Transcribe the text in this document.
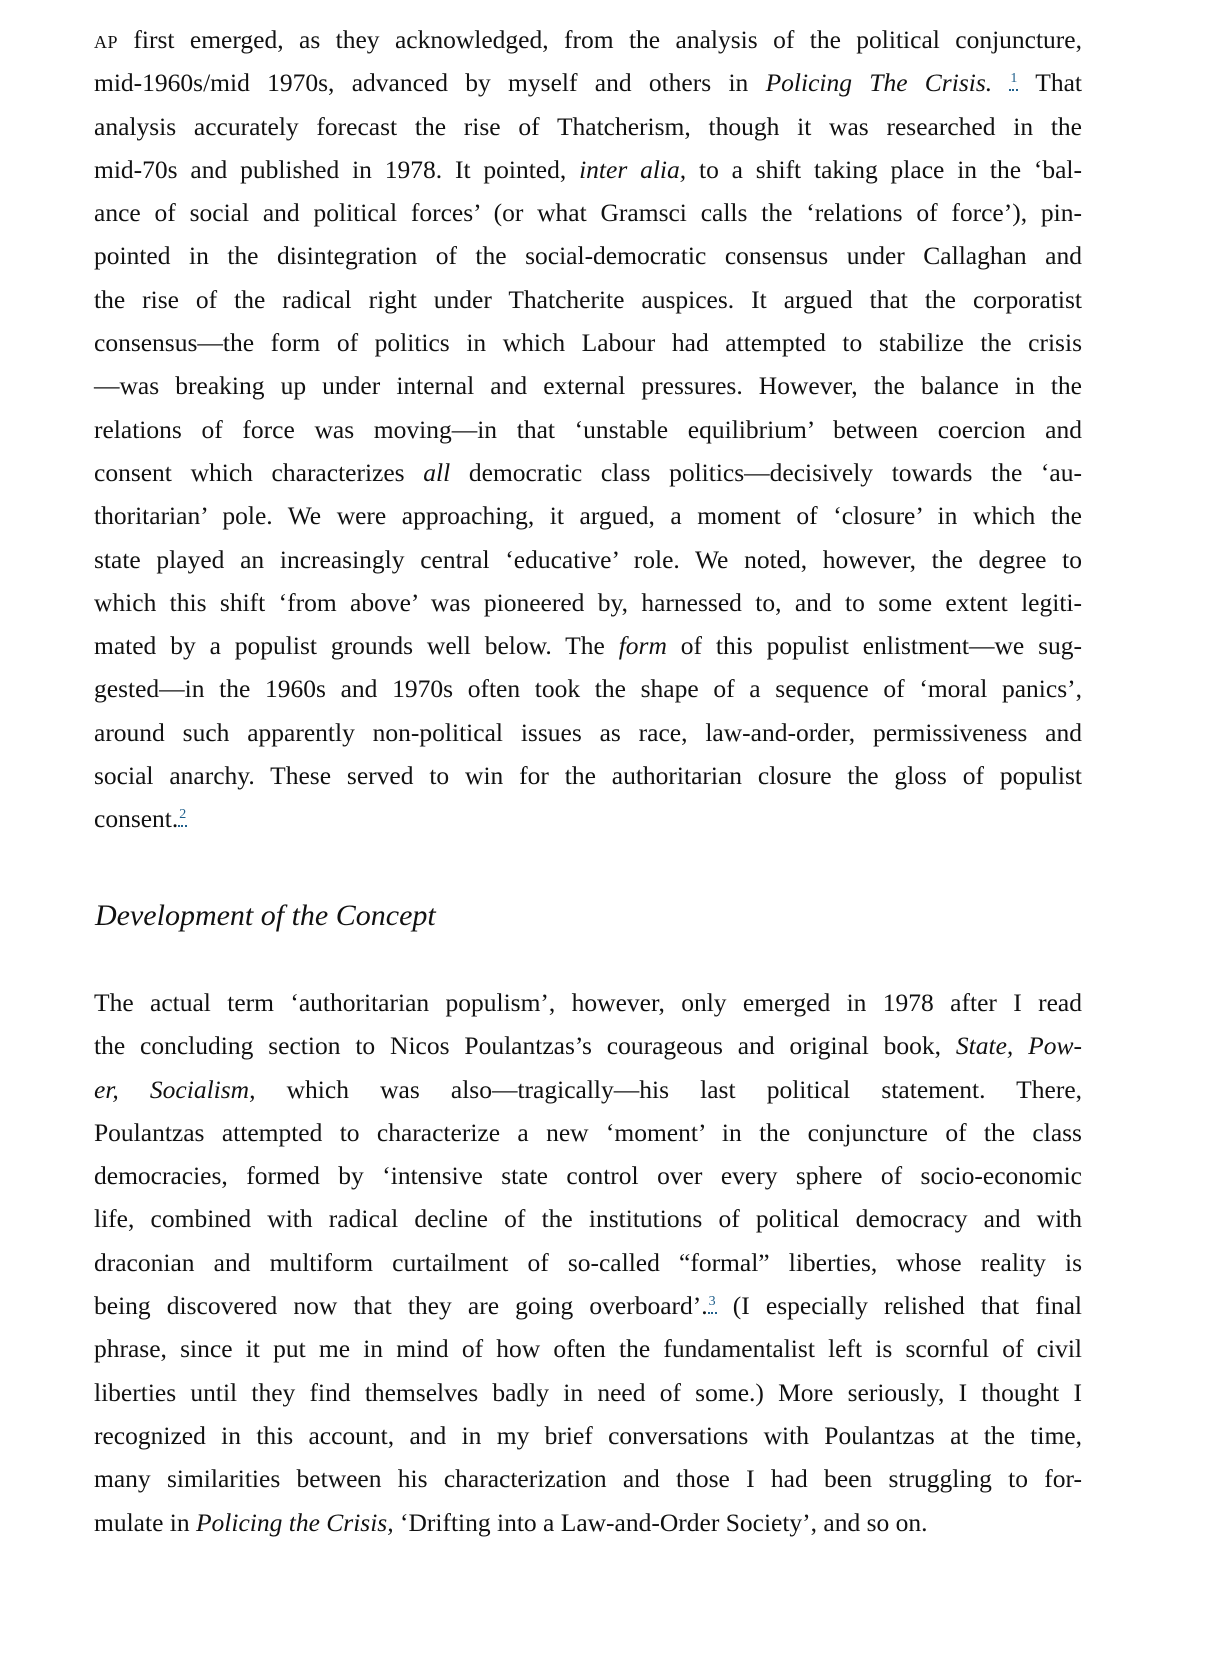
ap first emerged, as they acknowledged, from the analysis of the political conjuncture,
mid-1960s/mid 1970s, advanced by myself and others in Policing The Crisis. $^1$ That
analysis accurately forecast the rise of Thatcherism, though it was researched in the
mid-70s and published in 1978. It pointed, inter alia, to a shift taking place in the ‘bal-
ance of social and political forces’ (or what Gramsci calls the ‘relations of force’), pin-
pointed in the disintegration of the social-democratic consensus under Callaghan and
the rise of the radical right under Thatcherite auspices. It argued that the corporatist
consensus—the form of politics in which Labour had attempted to stabilize the crisis
—was breaking up under internal and external pressures. However, the balance in the
relations of force was moving—in that ‘unstable equilibrium’ between coercion and
consent which characterizes all democratic class politics—decisively towards the ‘au-
thoritarian’ pole. We were approaching, it argued, a moment of ‘closure’ in which the
state played an increasingly central ‘educative’ role. We noted, however, the degree to
which this shift ‘from above’ was pioneered by, harnessed to, and to some extent legiti-
mated by a populist grounds well below. The form of this populist enlistment—we sug-
gested—in the 1960s and 1970s often took the shape of a sequence of ‘moral panics’,
around such apparently non-political issues as race, law-and-order, permissiveness and
social anarchy. These served to win for the authoritarian closure the gloss of populist
consent.$^2$

Development of the Concept

The actual term ‘authoritarian populism’, however, only emerged in 1978 after I read
the concluding section to Nicos Poulantzas’s courageous and original book, State, Pow-
er, Socialism, which was also—tragically—his last political statement. There,
Poulantzas attempted to characterize a new ‘moment’ in the conjuncture of the class
democracies, formed by ‘intensive state control over every sphere of socio-economic
life, combined with radical decline of the institutions of political democracy and with
draconian and multiform curtailment of so-called “formal” liberties, whose reality is
being discovered now that they are going overboard’.$^3$ (I especially relished that final
phrase, since it put me in mind of how often the fundamentalist left is scornful of civil
liberties until they find themselves badly in need of some.) More seriously, I thought I
recognized in this account, and in my brief conversations with Poulantzas at the time,
many similarities between his characterization and those I had been struggling to for-
mulate in Policing the Crisis, ‘Drifting into a Law-and-Order Society’, and so on.
